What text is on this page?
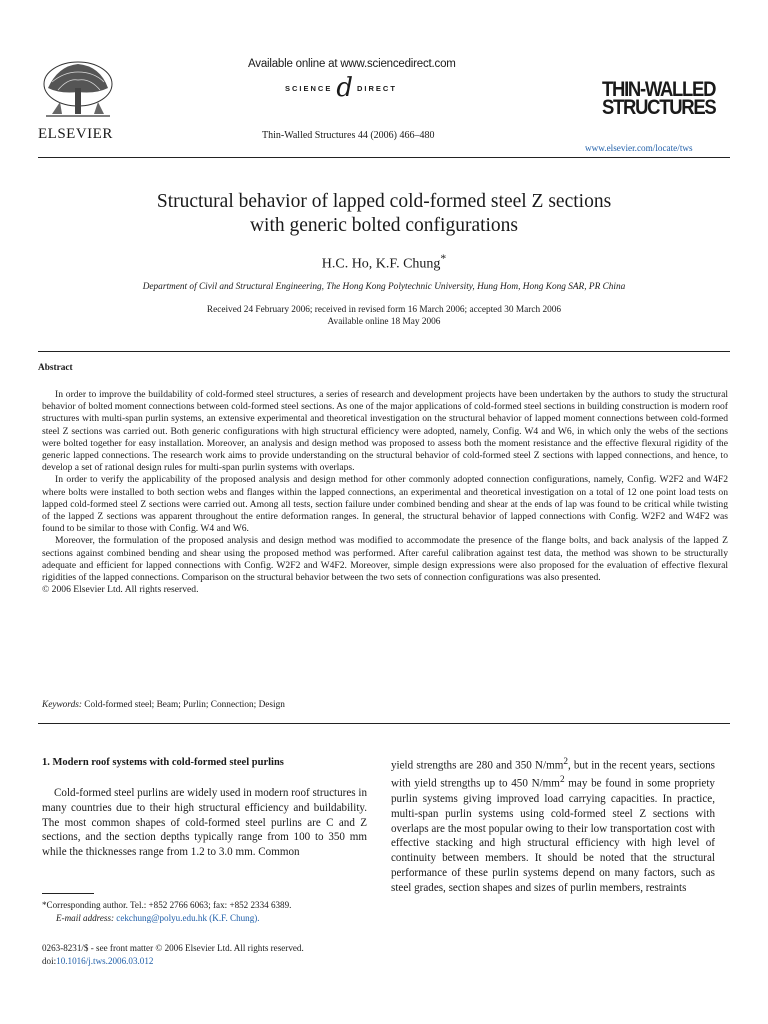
ELSEVIER
Available online at www.sciencedirect.com
SCIENCE d DIRECT
Thin-Walled Structures 44 (2006) 466–480
THIN-WALLED
STRUCTURES
www.elsevier.com/locate/tws
Structural behavior of lapped cold-formed steel Z sections
with generic bolted configurations
H.C. Ho, K.F. Chung*
Department of Civil and Structural Engineering, The Hong Kong Polytechnic University, Hung Hom, Hong Kong SAR, PR China
Received 24 February 2006; received in revised form 16 March 2006; accepted 30 March 2006
Available online 18 May 2006
Abstract

In order to improve the buildability of cold-formed steel structures, a series of research and development projects have been undertaken by the authors to study the structural behavior of bolted moment connections between cold-formed steel sections. As one of the major applications of cold-formed steel sections in building construction is modern roof structures with multi-span purlin systems, an extensive experimental and theoretical investigation on the structural behavior of lapped moment connections between cold-formed steel Z sections was carried out. Both generic configurations with high structural efficiency were adopted, namely, Config. W4 and W6, in which only the webs of the sections were bolted together for easy installation. Moreover, an analysis and design method was proposed to assess both the moment resistance and the effective flexural rigidity of the generic lapped connections. The research work aims to provide understanding on the structural behavior of cold-formed steel Z sections with lapped connections, and hence, to develop a set of rational design rules for multi-span purlin systems with overlaps.

In order to verify the applicability of the proposed analysis and design method for other commonly adopted connection configurations, namely, Config. W2F2 and W4F2 where bolts were installed to both section webs and flanges within the lapped connections, an experimental and theoretical investigation on a total of 12 one point load tests on lapped cold-formed steel Z sections were carried out. Among all tests, section failure under combined bending and shear at the ends of lap was found to be critical while twisting of the lapped Z sections was apparent throughout the entire deformation ranges. In general, the structural behavior of lapped connections with Config. W2F2 and W4F2 was found to be similar to those with Config. W4 and W6.

Moreover, the formulation of the proposed analysis and design method was modified to accommodate the presence of the flange bolts, and back analysis of the lapped Z sections against combined bending and shear using the proposed method was performed. After careful calibration against test data, the method was shown to be structurally adequate and efficient for lapped connections with Config. W2F2 and W4F2. Moreover, simple design expressions were also proposed for the evaluation of effective flexural rigidities of the lapped connections. Comparison on the structural behavior between the two sets of connection configurations was also presented.

© 2006 Elsevier Ltd. All rights reserved.

Keywords: Cold-formed steel; Beam; Purlin; Connection; Design
1. Modern roof systems with cold-formed steel purlins
Cold-formed steel purlins are widely used in modern roof structures in many countries due to their high structural efficiency and buildability. The most common shapes of cold-formed steel purlins are C and Z sections, and the section depths typically range from 100 to 350 mm while the thicknesses range from 1.2 to 3.0 mm. Common
yield strengths are 280 and 350 $N/mm^2$, but in the recent years, sections with yield strengths up to 450 $N/mm^2$ may be found in some propriety purlin systems giving improved load carrying capacities. In practice, multi-span purlin systems using cold-formed steel Z sections with overlaps are the most popular owing to their low transportation cost with effective stacking and high structural efficiency with high level of continuity between members. It should be noted that the structural performance of these purlin systems depend on many factors, such as steel grades, section shapes and sizes of purlin members, restraints
*Corresponding author. Tel.: +852 2766 6063; fax: +852 2334 6389.
E-mail address: cekchung@polyu.edu.hk (K.F. Chung).
0263-8231/$ - see front matter © 2006 Elsevier Ltd. All rights reserved.
doi:10.1016/j.tws.2006.03.012
